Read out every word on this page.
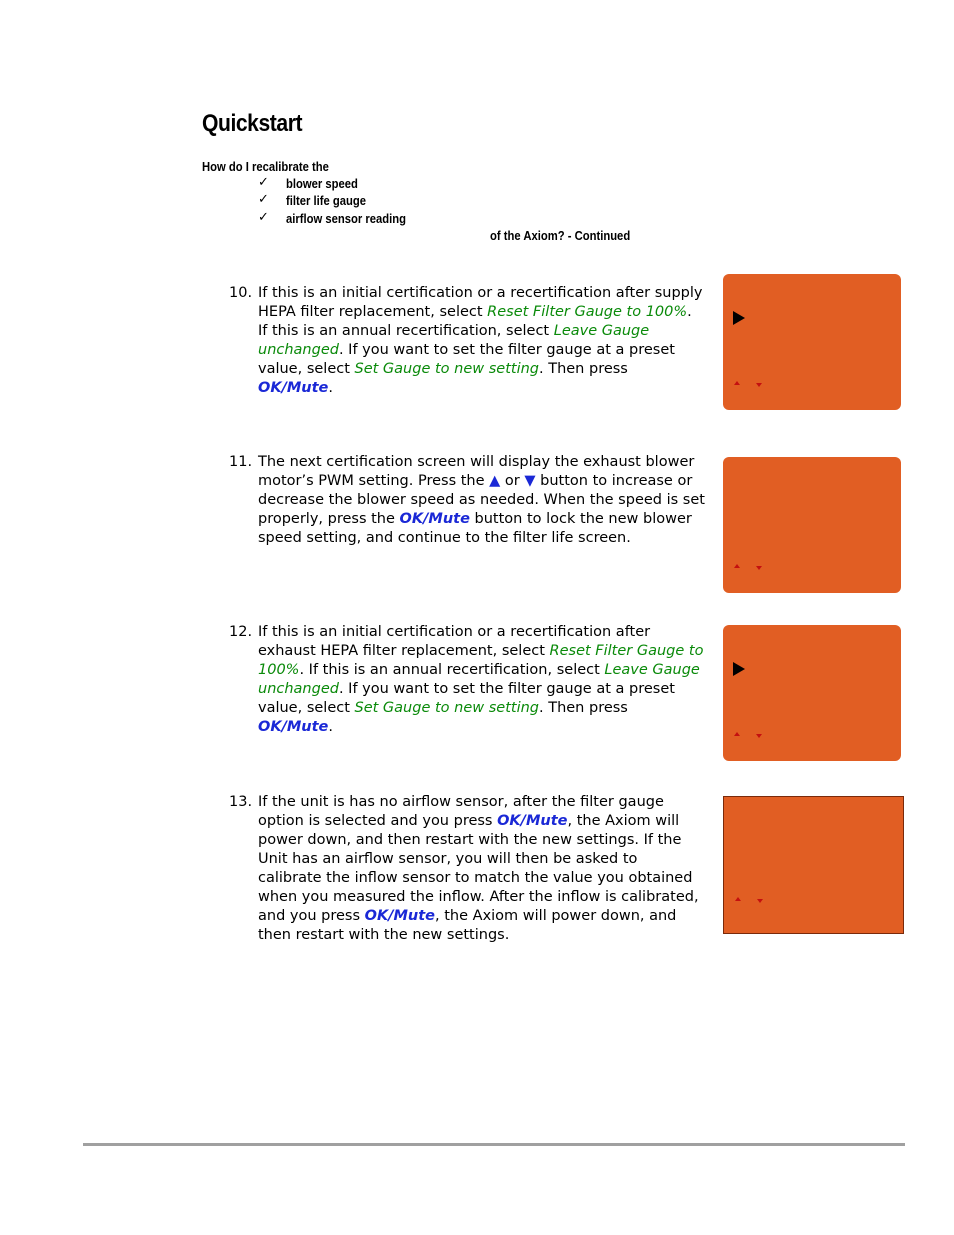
Quickstart
How do I recalibrate the
✓ blower speed
✓ filter life gauge
✓ airflow sensor reading
of the Axiom? - Continued
10. If this is an initial certification or a recertification after supply HEPA filter replacement, select Reset Filter Gauge to 100%. If this is an annual recertification, select Leave Gauge unchanged. If you want to set the filter gauge at a preset value, select Set Gauge to new setting. Then press OK/Mute.
11. The next certification screen will display the exhaust blower motor’s PWM setting. Press the ▲ or ▼ button to increase or decrease the blower speed as needed. When the speed is set properly, press the OK/Mute button to lock the new blower speed setting, and continue to the filter life screen.
12. If this is an initial certification or a recertification after exhaust HEPA filter replacement, select Reset Filter Gauge to 100%. If this is an annual recertification, select Leave Gauge unchanged. If you want to set the filter gauge at a preset value, select Set Gauge to new setting. Then press OK/Mute.
13. If the unit is has no airflow sensor, after the filter gauge option is selected and you press OK/Mute, the Axiom will power down, and then restart with the new settings. If the Unit has an airflow sensor, you will then be asked to calibrate the inflow sensor to match the value you obtained when you measured the inflow. After the inflow is calibrated, and you press OK/Mute, the Axiom will power down, and then restart with the new settings.
